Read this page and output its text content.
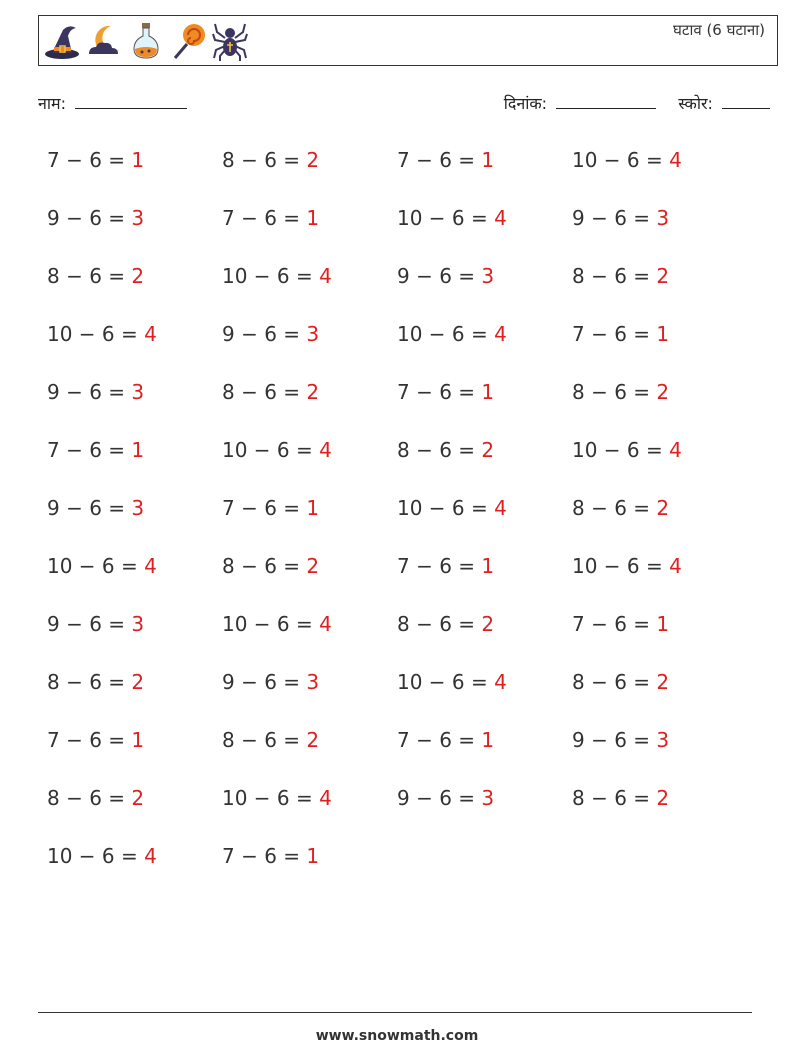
घटाव (6 घटाना)
नाम:	दिनांक:	स्कोर:
7 − 6 = 1	8 − 6 = 2	7 − 6 = 1	10 − 6 = 4
9 − 6 = 3	7 − 6 = 1	10 − 6 = 4	9 − 6 = 3
8 − 6 = 2	10 − 6 = 4	9 − 6 = 3	8 − 6 = 2
10 − 6 = 4	9 − 6 = 3	10 − 6 = 4	7 − 6 = 1
9 − 6 = 3	8 − 6 = 2	7 − 6 = 1	8 − 6 = 2
7 − 6 = 1	10 − 6 = 4	8 − 6 = 2	10 − 6 = 4
9 − 6 = 3	7 − 6 = 1	10 − 6 = 4	8 − 6 = 2
10 − 6 = 4	8 − 6 = 2	7 − 6 = 1	10 − 6 = 4
9 − 6 = 3	10 − 6 = 4	8 − 6 = 2	7 − 6 = 1
8 − 6 = 2	9 − 6 = 3	10 − 6 = 4	8 − 6 = 2
7 − 6 = 1	8 − 6 = 2	7 − 6 = 1	9 − 6 = 3
8 − 6 = 2	10 − 6 = 4	9 − 6 = 3	8 − 6 = 2
10 − 6 = 4	7 − 6 = 1
www.snowmath.com
